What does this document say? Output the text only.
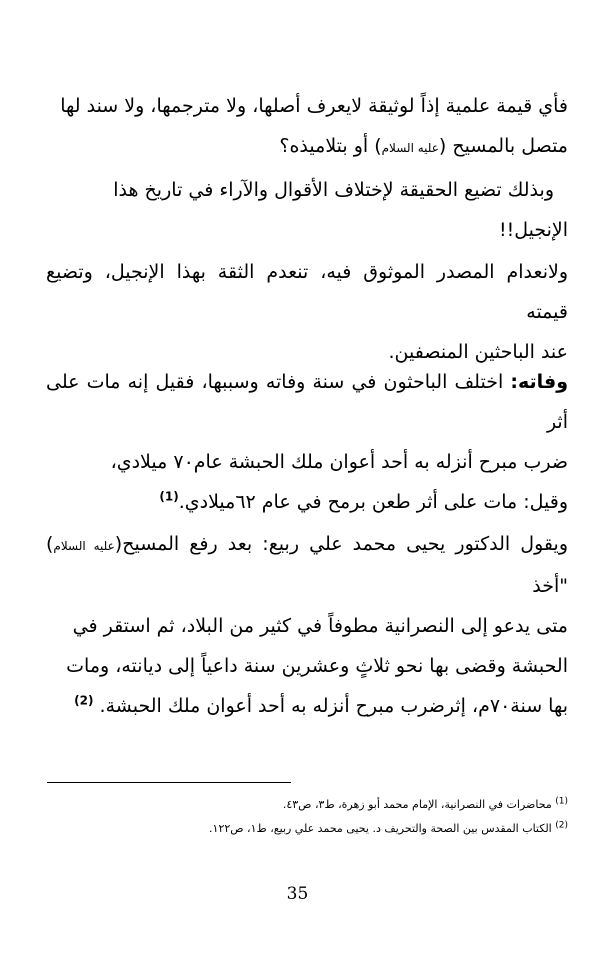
فأي قيمة علمية إذاً لوثيقة لايعرف أصلها، ولا مترجمها، ولا سند لها

متصل بالمسيح (عليه السلام) أو بتلاميذه؟

وبذلك تضيع الحقيقة لإختلاف الأقوال والآراء في تاريخ هذا

الإنجيل!!

ولانعدام المصدر الموثوق فيه، تنعدم الثقة بهذا الإنجيل، وتضيع قيمته

عند الباحثين المنصفين.

وفاته: اختلف الباحثون في سنة وفاته وسببها، فقيل إنه مات على أثر

ضرب مبرح أنزله به أحد أعوان ملك الحبشة عام٧٠ ميلادي،

وقيل: مات على أثر طعن برمح في عام ٦٢ميلادي.$^{(1)}$

ويقول الدكتور يحيى محمد علي ربيع: بعد رفع المسيح(عليه السلام) "أخذ

متى يدعو إلى النصرانية مطوفاً في كثير من البلاد، ثم استقر في

الحبشة وقضى بها نحو ثلاثٍ وعشرين سنة داعياً إلى ديانته، ومات

بها سنة٧٠م، إثرضرب مبرح أنزله به أحد أعوان ملك الحبشة. $^{(2)}$

$^{(1)}$ محاضرات في النصرانية، الإمام محمد أبو زهرة، ط٣، ص٤٣.

$^{(2)}$ الكتاب المقدس بين الصحة والتحريف د. يحيى محمد علي ربيع، ط١، ص١٢٢.

35
